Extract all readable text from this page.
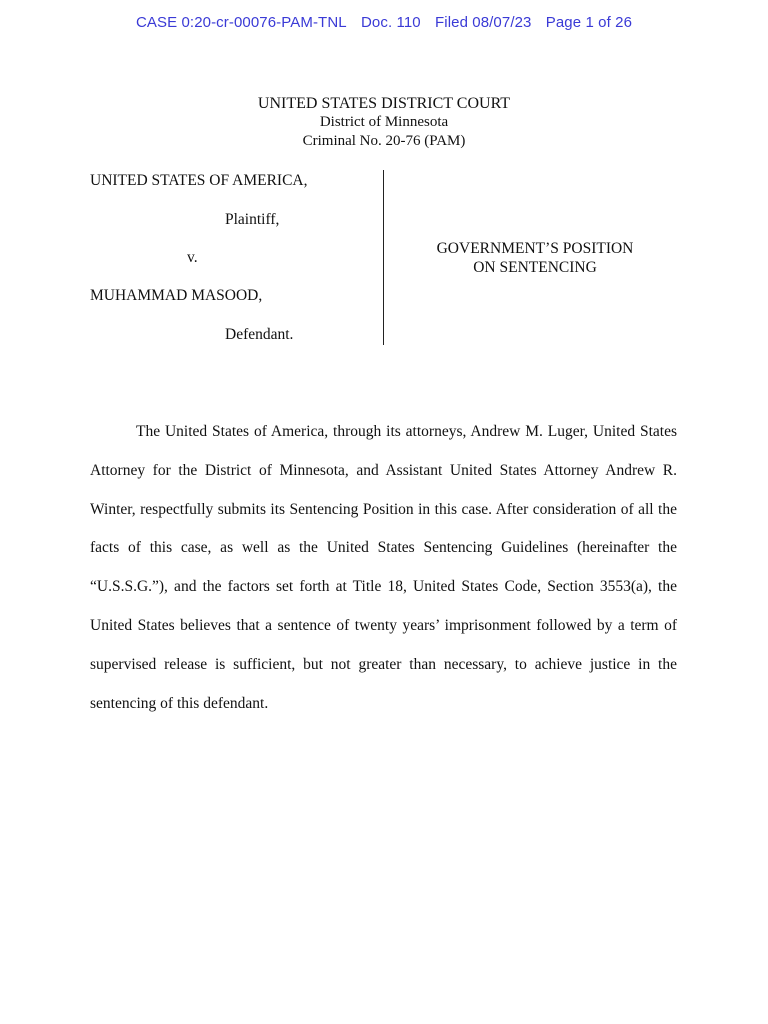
CASE 0:20-cr-00076-PAM-TNL Doc. 110 Filed 08/07/23 Page 1 of 26
UNITED STATES DISTRICT COURT
District of Minnesota
Criminal No. 20-76 (PAM)
UNITED STATES OF AMERICA,
Plaintiff,
v.
MUHAMMAD MASOOD,
Defendant.
GOVERNMENT’S POSITION
ON SENTENCING

The United States of America, through its attorneys, Andrew M. Luger, United States Attorney for the District of Minnesota, and Assistant United States Attorney Andrew R. Winter, respectfully submits its Sentencing Position in this case. After consideration of all the facts of this case, as well as the United States Sentencing Guidelines (hereinafter the “U.S.S.G.”), and the factors set forth at Title 18, United States Code, Section 3553(a), the United States believes that a sentence of twenty years’ imprisonment followed by a term of supervised release is sufficient, but not greater than necessary, to achieve justice in the sentencing of this defendant.
